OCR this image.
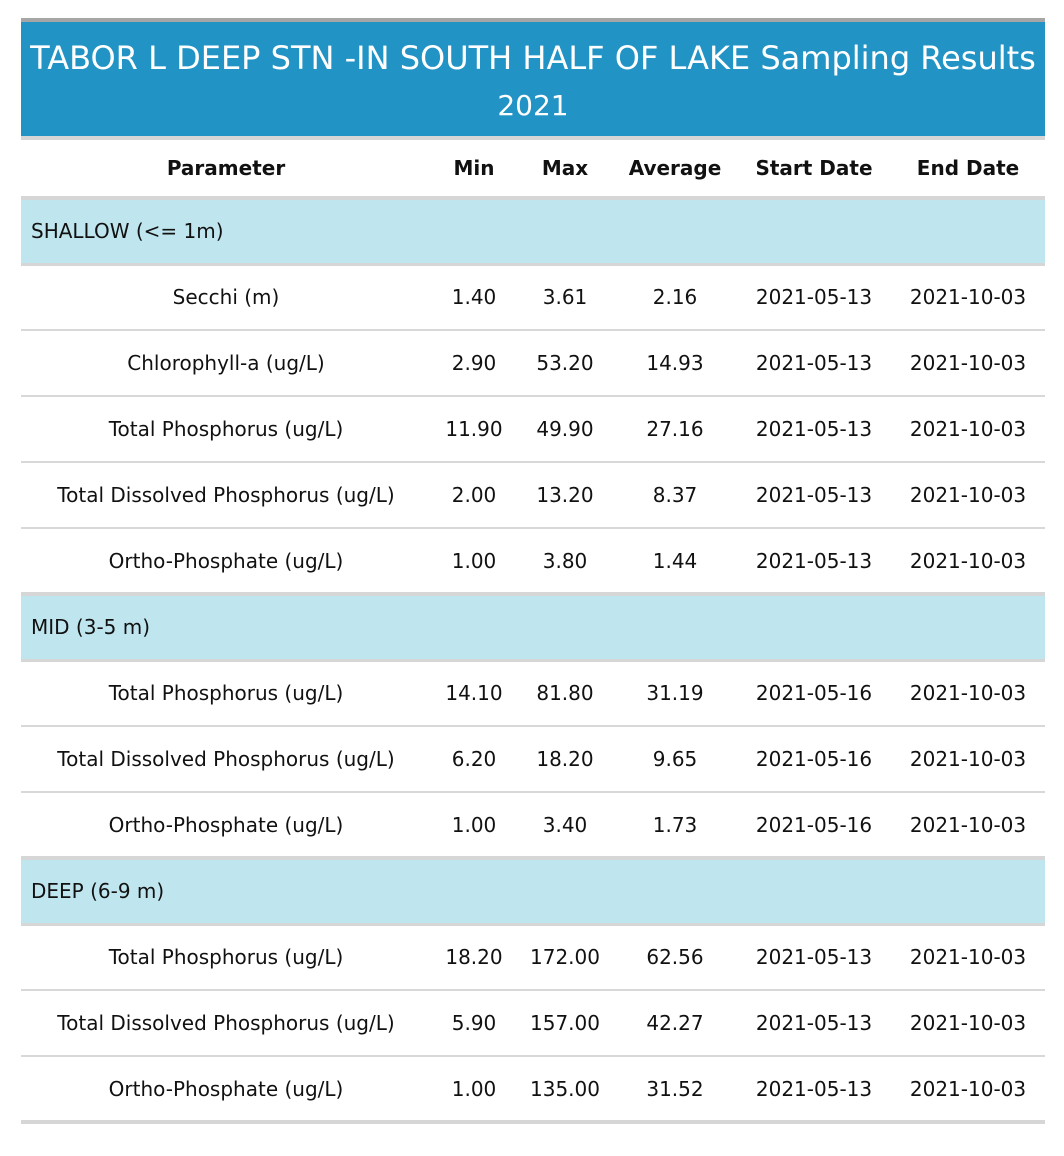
TABOR L DEEP STN -IN SOUTH HALF OF LAKE Sampling Results
2021
Parameter	Min	Max	Average	Start Date	End Date
SHALLOW (<= 1m)					
Secchi (m)	1.40	3.61	2.16	2021-05-13	2021-10-03
Chlorophyll-a (ug/L)	2.90	53.20	14.93	2021-05-13	2021-10-03
Total Phosphorus (ug/L)	11.90	49.90	27.16	2021-05-13	2021-10-03
Total Dissolved Phosphorus (ug/L)	2.00	13.20	8.37	2021-05-13	2021-10-03
Ortho-Phosphate (ug/L)	1.00	3.80	1.44	2021-05-13	2021-10-03
MID (3-5 m)					
Total Phosphorus (ug/L)	14.10	81.80	31.19	2021-05-16	2021-10-03
Total Dissolved Phosphorus (ug/L)	6.20	18.20	9.65	2021-05-16	2021-10-03
Ortho-Phosphate (ug/L)	1.00	3.40	1.73	2021-05-16	2021-10-03
DEEP (6-9 m)					
Total Phosphorus (ug/L)	18.20	172.00	62.56	2021-05-13	2021-10-03
Total Dissolved Phosphorus (ug/L)	5.90	157.00	42.27	2021-05-13	2021-10-03
Ortho-Phosphate (ug/L)	1.00	135.00	31.52	2021-05-13	2021-10-03
